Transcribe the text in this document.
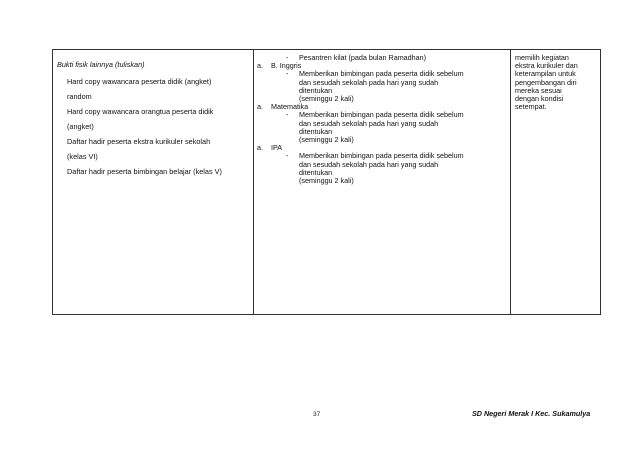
Bukti fisik lainnya (tuliskan)
Hard copy wawancara peserta didik (angket)
random
Hard copy wawancara orangtua peserta didik
(angket)
Daftar hadir peserta ekstra kurikuler sekolah
(kelas VI)
Daftar hadir peserta bimbingan belajar (kelas V)
- Pesantren kilat (pada bulan Ramadhan)
a. B. Inggris
- Memberikan bimbingan pada peserta didik sebelum
dan sesudah sekolah pada hari yang sudah
ditentukan
(seminggu 2 kali)
a. Matematika
- Memberikan bimbingan pada peserta didik sebelum
dan sesudah sekolah pada hari yang sudah
ditentukan
(seminggu 2 kali)
a. IPA
- Memberikan bimbingan pada peserta didik sebelum
dan sesudah sekolah pada hari yang sudah
ditentukan
(seminggu 2 kali)
memilih kegiatan
ekstra kurikuler dan
keterampilan untuk
pengembangan diri
mereka sesuai
dengan kondisi
setempat.
37	SD Negeri Merak I Kec. Sukamulya
